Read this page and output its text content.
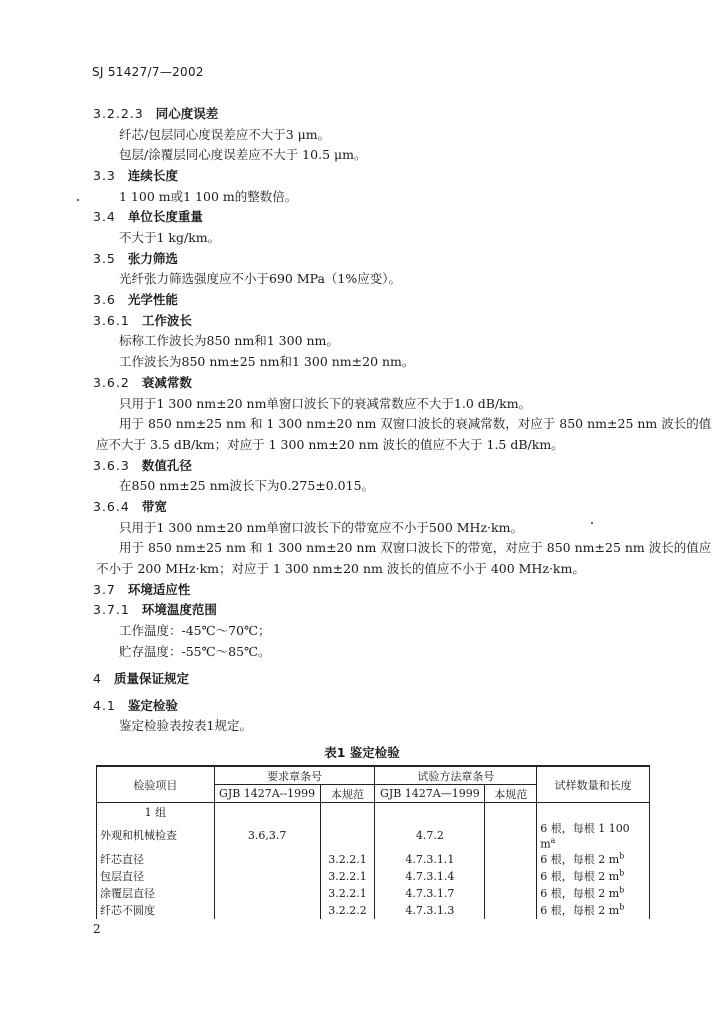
SJ 51427/7—2002
3.2.2.3 同心度误差
纤芯/包层同心度误差应不大于3 μm。
包层/涂覆层同心度误差应不大于 10.5 μm。
3.3 连续长度
1 100 m或1 100 m的整数倍。
3.4 单位长度重量
不大于1 kg/km。
3.5 张力筛选
光纤张力筛选强度应不小于690 MPa（1%应变）。
3.6 光学性能
3.6.1 工作波长
标称工作波长为850 nm和1 300 nm。
工作波长为850 nm±25 nm和1 300 nm±20 nm。
3.6.2 衰减常数
只用于1 300 nm±20 nm单窗口波长下的衰减常数应不大于1.0 dB/km。
用于 850 nm±25 nm 和 1 300 nm±20 nm 双窗口波长的衰减常数，对应于 850 nm±25 nm 波长的值
应不大于 3.5 dB/km；对应于 1 300 nm±20 nm 波长的值应不大于 1.5 dB/km。
3.6.3 数值孔径
在850 nm±25 nm波长下为0.275±0.015。
3.6.4 带宽
只用于1 300 nm±20 nm单窗口波长下的带宽应不小于500 MHz·km。
用于 850 nm±25 nm 和 1 300 nm±20 nm 双窗口波长下的带宽，对应于 850 nm±25 nm 波长的值应
不小于 200 MHz·km；对应于 1 300 nm±20 nm 波长的值应不小于 400 MHz·km。
3.7 环境适应性
3.7.1 环境温度范围
工作温度：-45℃～70℃；
贮存温度：-55℃～85℃。
4 质量保证规定
4.1 鉴定检验
鉴定检验表按表1规定。
表1 鉴定检验
检验项目	要求章条号		试验方法章条号		试样数量和长度
	GJB 1427A--1999	本规范	GJB 1427A—1999	本规范	
1 组					
外观和机械检查	3.6,3.7		4.7.2		6 根，每根 1 100 $m^a$
纤芯直径		3.2.2.1	4.7.3.1.1		6 根，每根 2 $m^b$
包层直径		3.2.2.1	4.7.3.1.4		6 根，每根 2 $m^b$
涂覆层直径		3.2.2.1	4.7.3.1.7		6 根，每根 2 $m^b$
纤芯不圆度		3.2.2.2	4.7.3.1.3		6 根，每根 2 $m^b$
2
